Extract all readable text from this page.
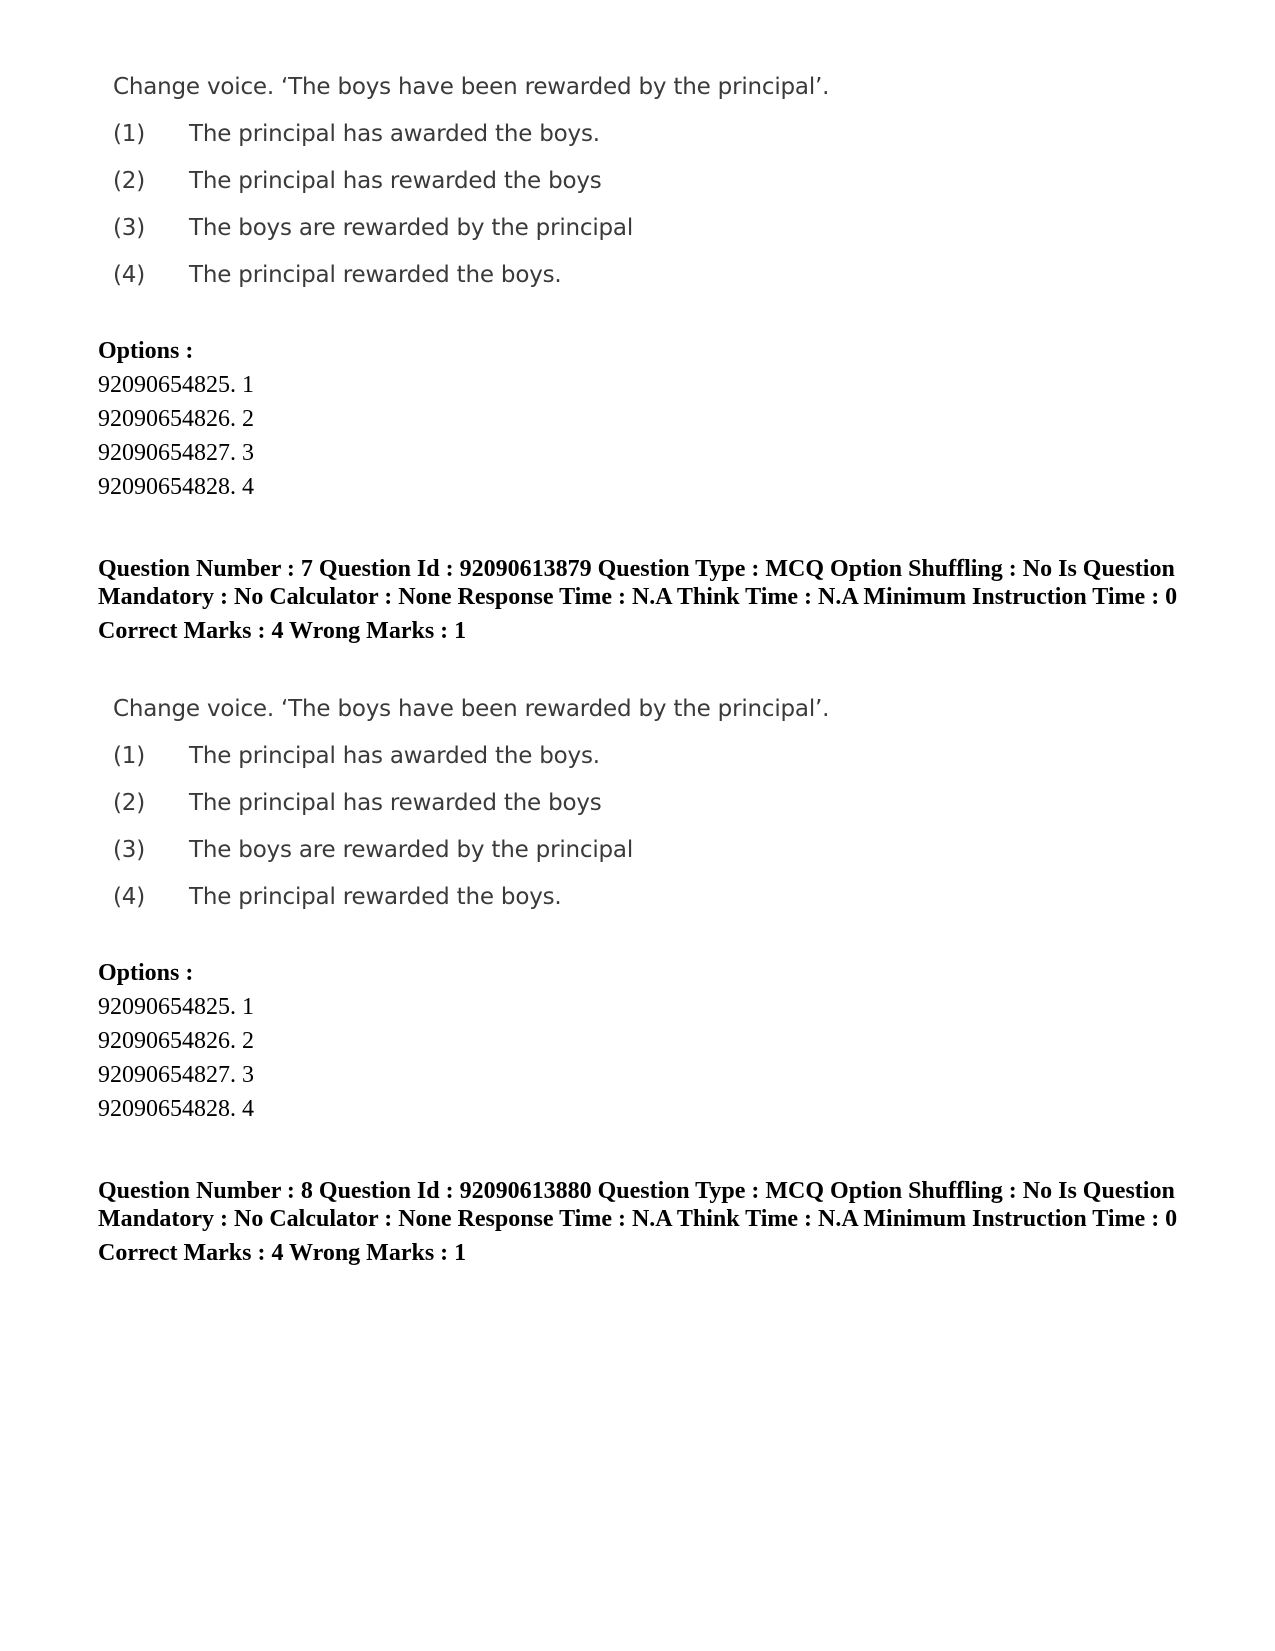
Change voice. ‘The boys have been rewarded by the principal’.
(1) The principal has awarded the boys.
(2) The principal has rewarded the boys
(3) The boys are rewarded by the principal
(4) The principal rewarded the boys.
Options :
92090654825. 1
92090654826. 2
92090654827. 3
92090654828. 4
Question Number : 7 Question Id : 92090613879 Question Type : MCQ Option Shuffling : No Is Question Mandatory : No Calculator : None Response Time : N.A Think Time : N.A Minimum Instruction Time : 0
Correct Marks : 4 Wrong Marks : 1
Change voice. ‘The boys have been rewarded by the principal’.
(1) The principal has awarded the boys.
(2) The principal has rewarded the boys
(3) The boys are rewarded by the principal
(4) The principal rewarded the boys.
Options :
92090654825. 1
92090654826. 2
92090654827. 3
92090654828. 4
Question Number : 8 Question Id : 92090613880 Question Type : MCQ Option Shuffling : No Is Question Mandatory : No Calculator : None Response Time : N.A Think Time : N.A Minimum Instruction Time : 0
Correct Marks : 4 Wrong Marks : 1
